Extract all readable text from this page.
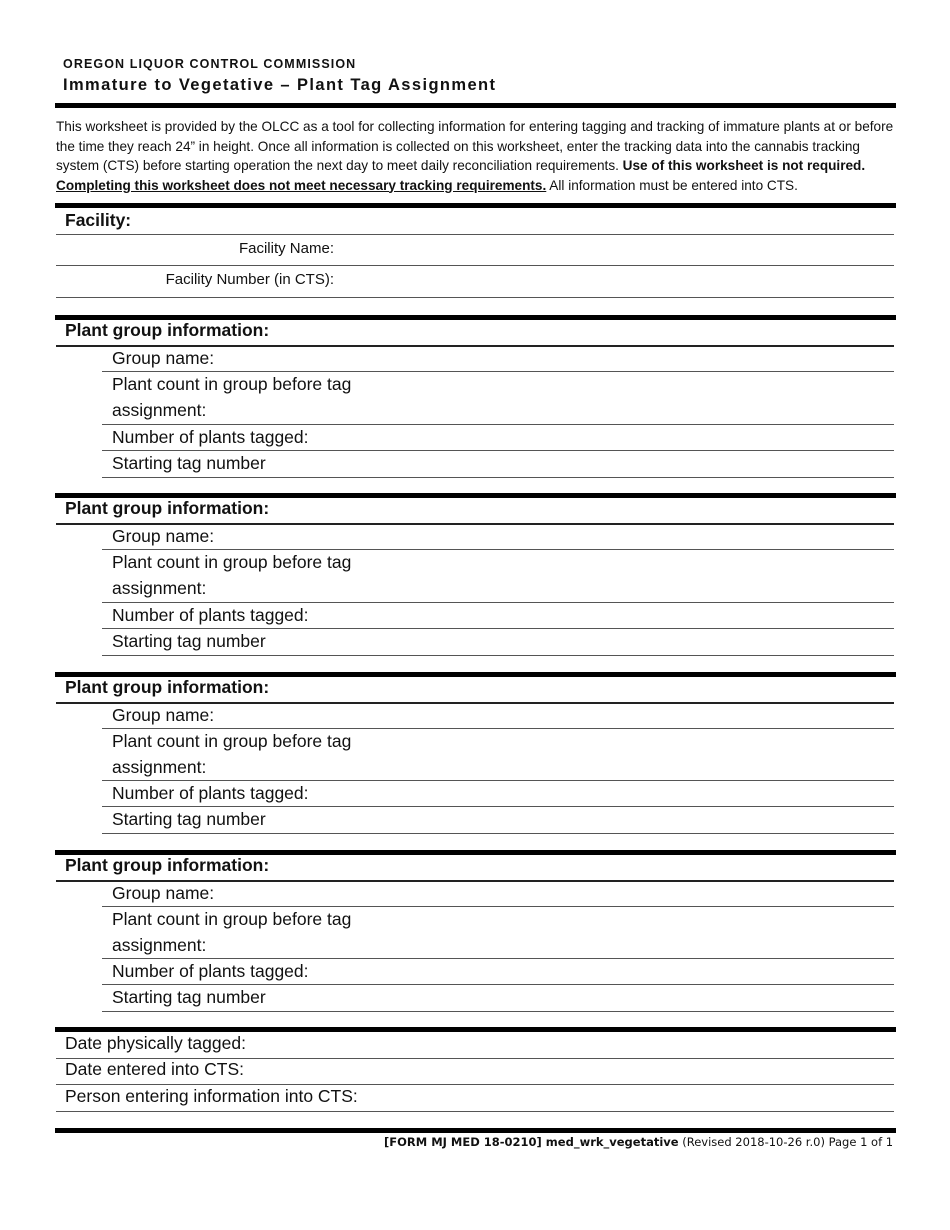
OREGON LIQUOR CONTROL COMMISSION
Immature to Vegetative – Plant Tag Assignment
This worksheet is provided by the OLCC as a tool for collecting information for entering tagging and tracking of immature plants at or before the time they reach 24” in height. Once all information is collected on this worksheet, enter the tracking data into the cannabis tracking system (CTS) before starting operation the next day to meet daily reconciliation requirements. Use of this worksheet is not required. Completing this worksheet does not meet necessary tracking requirements. All information must be entered into CTS.
Facility:
Facility Name:
Facility Number (in CTS):
Plant group information:
Group name:
Plant count in group before tag assignment:
Number of plants tagged:
Starting tag number
Plant group information:
Group name:
Plant count in group before tag assignment:
Number of plants tagged:
Starting tag number
Plant group information:
Group name:
Plant count in group before tag assignment:
Number of plants tagged:
Starting tag number
Plant group information:
Group name:
Plant count in group before tag assignment:
Number of plants tagged:
Starting tag number
Date physically tagged:
Date entered into CTS:
Person entering information into CTS:
[FORM MJ MED 18-0210] med_wrk_vegetative (Revised 2018-10-26 r.0) Page 1 of 1
